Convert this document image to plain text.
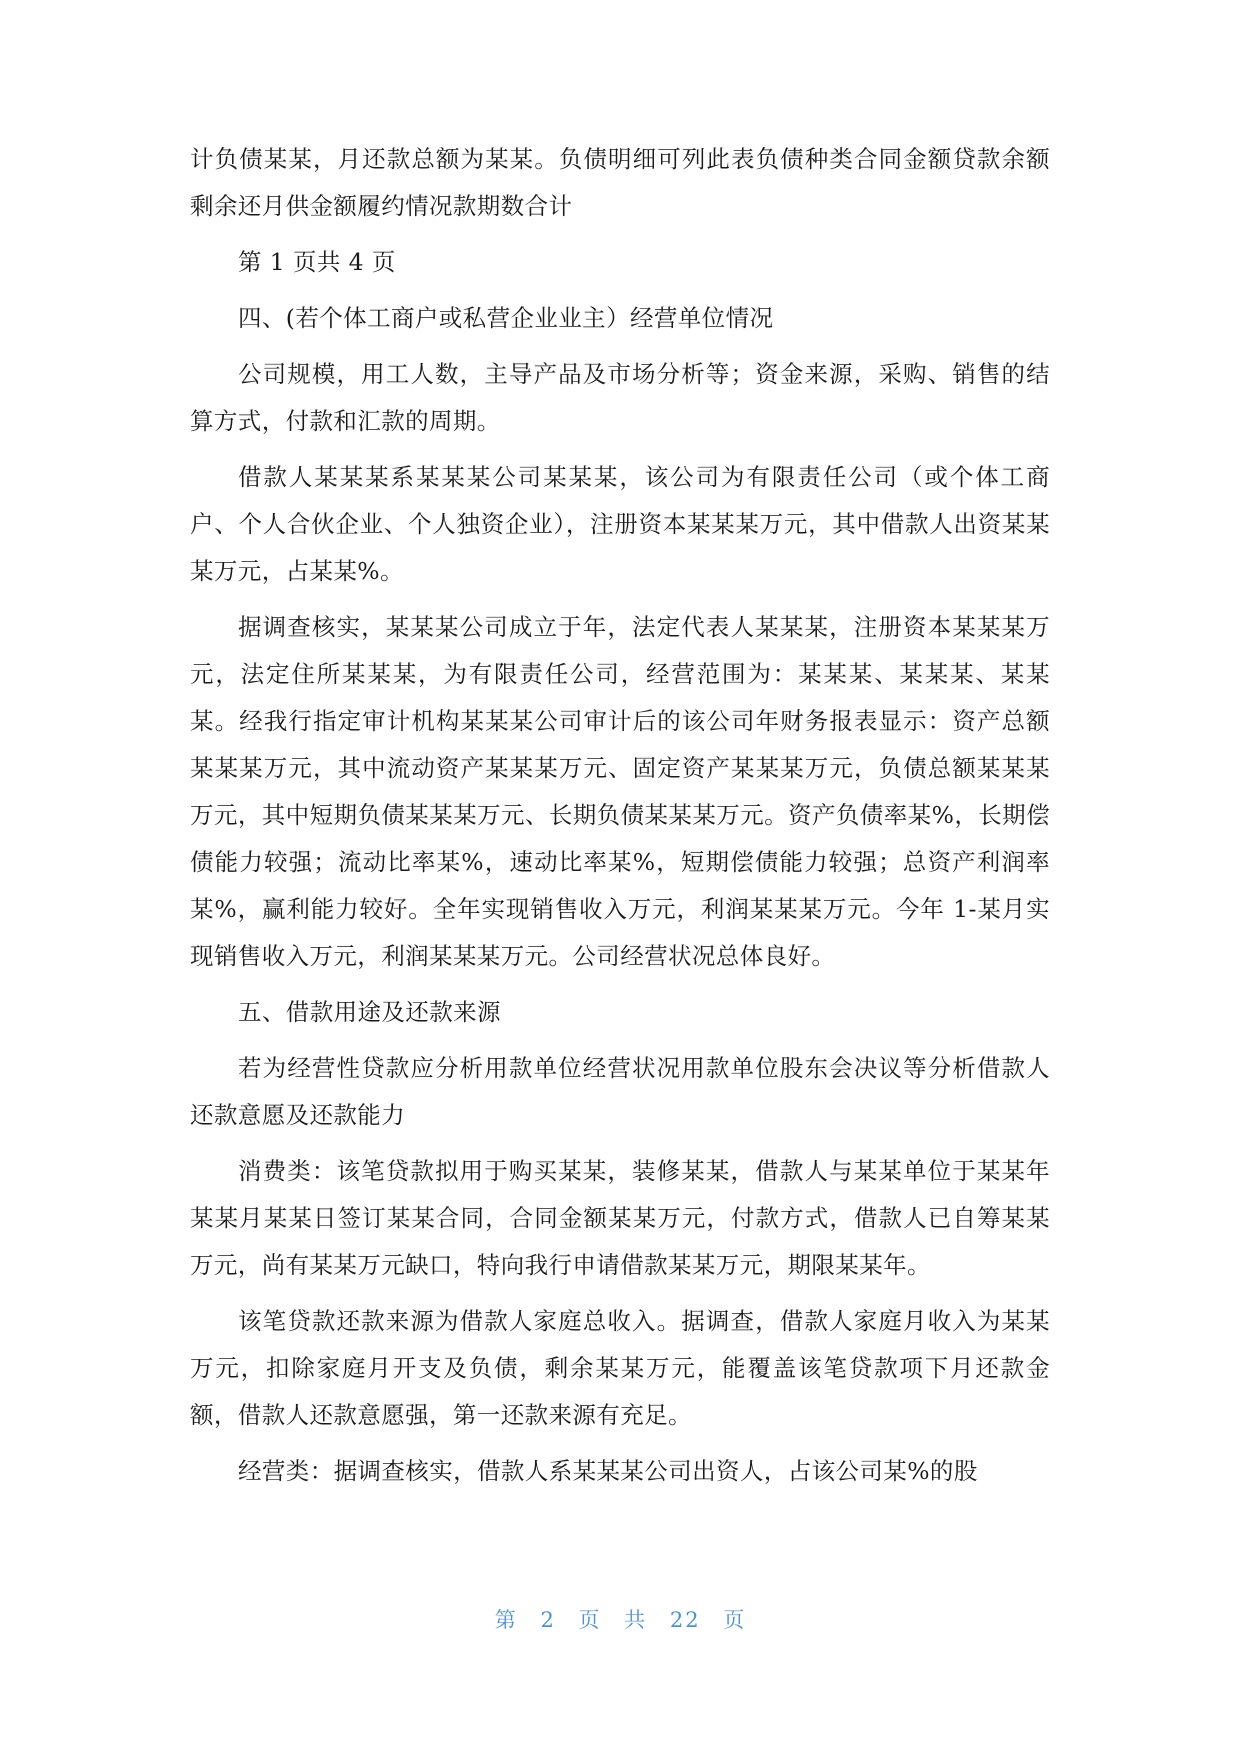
计负债某某，月还款总额为某某。负债明细可列此表负债种类合同金额贷款余额剩余还月供金额履约情况款期数合计

第 1 页共 4 页

四、(若个体工商户或私营企业业主）经营单位情况

公司规模，用工人数，主导产品及市场分析等；资金来源，采购、销售的结算方式，付款和汇款的周期。

借款人某某某系某某某公司某某某，该公司为有限责任公司（或个体工商户、个人合伙企业、个人独资企业），注册资本某某某万元，其中借款人出资某某某万元，占某某%。

据调查核实，某某某公司成立于年，法定代表人某某某，注册资本某某某万元，法定住所某某某，为有限责任公司，经营范围为：某某某、某某某、某某某。经我行指定审计机构某某某公司审计后的该公司年财务报表显示：资产总额某某某万元，其中流动资产某某某万元、固定资产某某某万元，负债总额某某某万元，其中短期负债某某某万元、长期负债某某某万元。资产负债率某%，长期偿债能力较强；流动比率某%，速动比率某%，短期偿债能力较强；总资产利润率某%，赢利能力较好。全年实现销售收入万元，利润某某某万元。今年 1-某月实现销售收入万元，利润某某某万元。公司经营状况总体良好。

五、借款用途及还款来源

若为经营性贷款应分析用款单位经营状况用款单位股东会决议等分析借款人还款意愿及还款能力

消费类：该笔贷款拟用于购买某某，装修某某，借款人与某某单位于某某年某某月某某日签订某某合同，合同金额某某万元，付款方式，借款人已自筹某某万元，尚有某某万元缺口，特向我行申请借款某某万元，期限某某年。

该笔贷款还款来源为借款人家庭总收入。据调查，借款人家庭月收入为某某万元，扣除家庭月开支及负债，剩余某某万元，能覆盖该笔贷款项下月还款金额，借款人还款意愿强，第一还款来源有充足。

经营类：据调查核实，借款人系某某某公司出资人，占该公司某%的股

第 2 页 共 22 页
